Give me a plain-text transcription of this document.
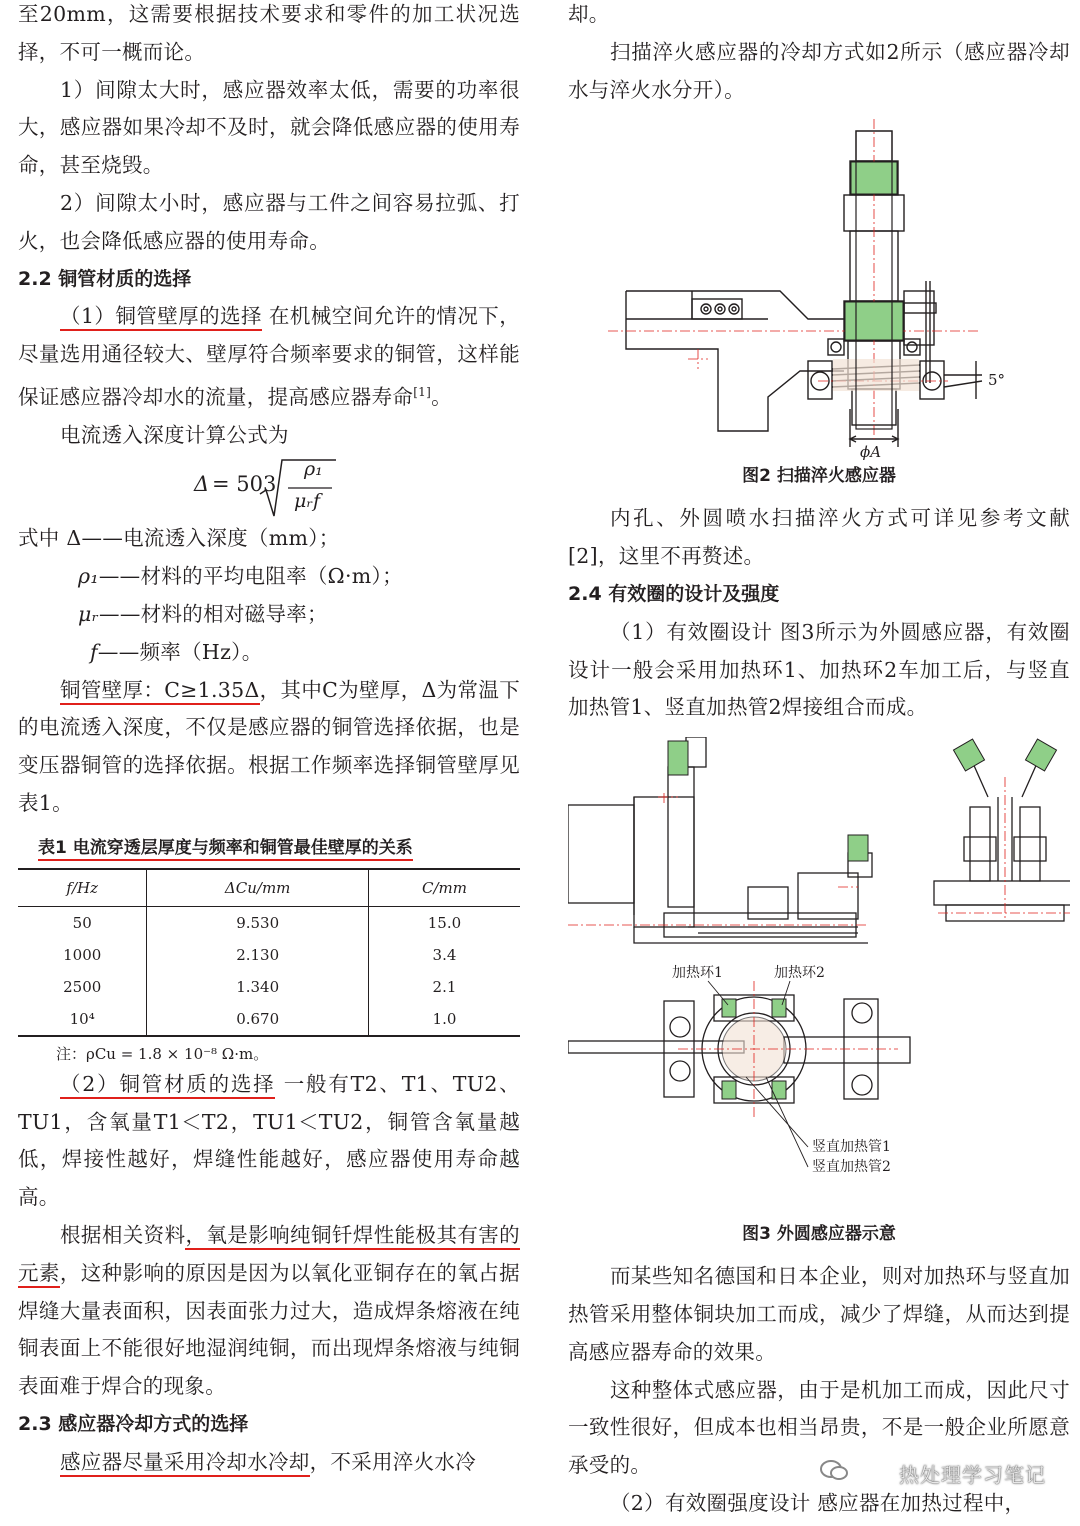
至20mm，这需要根据技术要求和零件的加工状况选择，不可一概而论。

1）间隙太大时，感应器效率太低，需要的功率很大，感应器如果冷却不及时，就会降低感应器的使用寿命，甚至烧毁。

2）间隙太小时，感应器与工件之间容易拉弧、打火，也会降低感应器的使用寿命。

2.2 铜管材质的选择

（1）铜管壁厚的选择 在机械空间允许的情况下，尽量选用通径较大、壁厚符合频率要求的铜管，这样能保证感应器冷却水的流量，提高感应器寿命[1]。

电流透入深度计算公式为

Δ = 503
ρ₁
μᵣf

式中 Δ——电流透入深度（mm）；

ρ₁——材料的平均电阻率（Ω·m）；

μᵣ——材料的相对磁导率；

f——频率（Hz）。

铜管壁厚：C≥1.35Δ，其中C为壁厚，Δ为常温下的电流透入深度，不仅是感应器的铜管选择依据，也是变压器铜管的选择依据。根据工作频率选择铜管壁厚见表1。

表1 电流穿透层厚度与频率和铜管最佳壁厚的关系

f/Hz	ΔCu/mm	C/mm
50	9.530	15.0
1000	2.130	3.4
2500	1.340	2.1
10⁴	0.670	1.0

注：ρCu = 1.8 × 10⁻⁸ Ω·m。

（2）铜管材质的选择 一般有T2、T1、TU2、TU1，含氧量T1＜T2，TU1＜TU2，铜管含氧量越低，焊接性越好，焊缝性能越好，感应器使用寿命越高。

根据相关资料，氧是影响纯铜钎焊性能极其有害的元素，这种影响的原因是因为以氧化亚铜存在的氧占据焊缝大量表面积，因表面张力过大，造成焊条熔液在纯铜表面上不能很好地湿润纯铜，而出现焊条熔液与纯铜表面难于焊合的现象。

2.3 感应器冷却方式的选择

感应器尽量采用冷却水冷却，不采用淬火水冷

却。

扫描淬火感应器的冷却方式如2所示（感应器冷却水与淬火水分开）。

5°
ϕA

图2 扫描淬火感应器

内孔、外圆喷水扫描淬火方式可详见参考文献[2]，这里不再赘述。

2.4 有效圈的设计及强度

（1）有效圈设计 图3所示为外圆感应器，有效圈设计一般会采用加热环1、加热环2车加工后，与竖直加热管1、竖直加热管2焊接组合而成。

加热环1	加热环2
竖直加热管1
竖直加热管2

图3 外圆感应器示意

而某些知名德国和日本企业，则对加热环与竖直加热管采用整体铜块加工而成，减少了焊缝，从而达到提高感应器寿命的效果。

这种整体式感应器，由于是机加工而成，因此尺寸一致性很好，但成本也相当昂贵，不是一般企业所愿意承受的。

（2）有效圈强度设计 感应器在加热过程中，

热处理学习笔记
